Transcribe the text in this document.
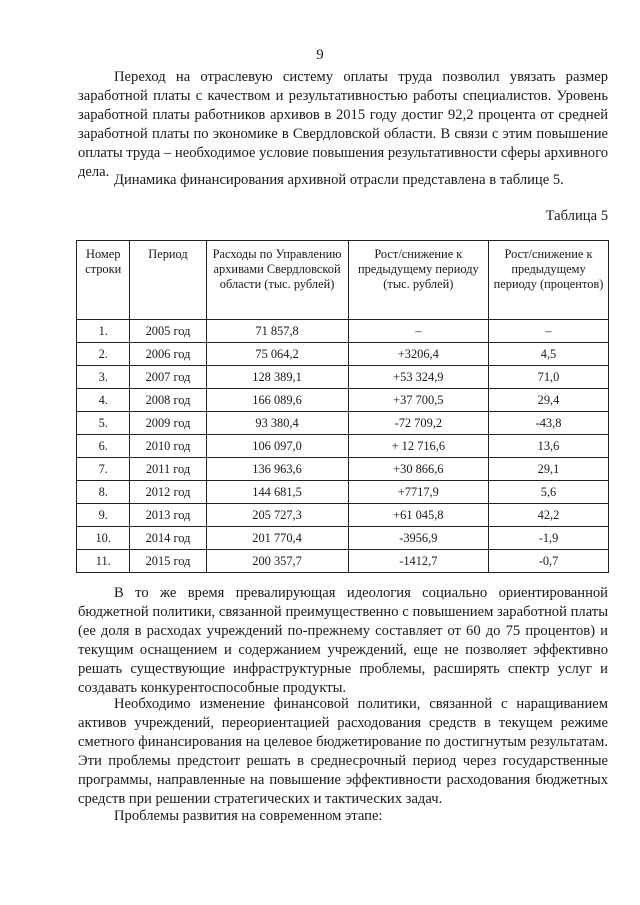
9

Переход на отраслевую систему оплаты труда позволил увязать размер заработной платы с качеством и результативностью работы специалистов. Уровень заработной платы работников архивов в 2015 году достиг 92,2 процента от средней заработной платы по экономике в Свердловской области. В связи с этим повышение оплаты труда – необходимое условие повышения результативности сферы архивного дела. Динамика финансирования архивной отрасли представлена в таблице 5.

Таблица 5
Номер строки	Период	Расходы по Управлению архивами Свердловской области (тыс. рублей)	Рост/снижение к предыдущему периоду (тыс. рублей)	Рост/снижение к предыдущему периоду (процентов)
1.	2005 год	71 857,8	–	–
2.	2006 год	75 064,2	+3206,4	4,5
3.	2007 год	128 389,1	+53 324,9	71,0
4.	2008 год	166 089,6	+37 700,5	29,4
5.	2009 год	93 380,4	-72 709,2	-43,8
6.	2010 год	106 097,0	+ 12 716,6	13,6
7.	2011 год	136 963,6	+30 866,6	29,1
8.	2012 год	144 681,5	+7717,9	5,6
9.	2013 год	205 727,3	+61 045,8	42,2
10.	2014 год	201 770,4	-3956,9	-1,9
11.	2015 год	200 357,7	-1412,7	-0,7

В то же время превалирующая идеология социально ориентированной бюджетной политики, связанной преимущественно с повышением заработной платы (ее доля в расходах учреждений по-прежнему составляет от 60 до 75 процентов) и текущим оснащением и содержанием учреждений, еще не позволяет эффективно решать существующие инфраструктурные проблемы, расширять спектр услуг и создавать конкурентоспособные продукты.

Необходимо изменение финансовой политики, связанной с наращиванием активов учреждений, переориентацией расходования средств в текущем режиме сметного финансирования на целевое бюджетирование по достигнутым результатам. Эти проблемы предстоит решать в среднесрочный период через государственные программы, направленные на повышение эффективности расходования бюджетных средств при решении стратегических и тактических задач.

Проблемы развития на современном этапе:
